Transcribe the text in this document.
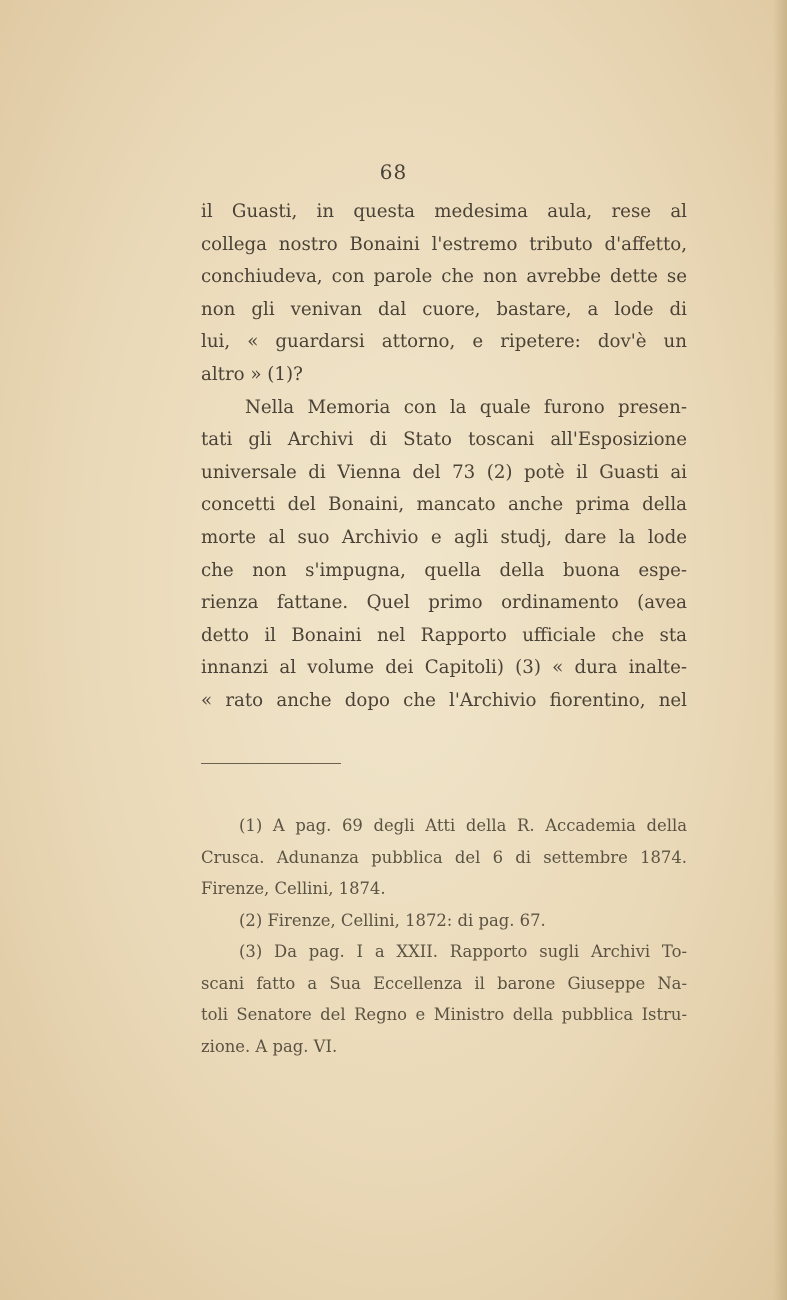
68
il Guasti, in questa medesima aula, rese al
collega nostro Bonaini l'estremo tributo d'affetto,
conchiudeva, con parole che non avrebbe dette se
non gli venivan dal cuore, bastare, a lode di
lui, « guardarsi attorno, e ripetere: dov'è un
altro » (1)?
Nella Memoria con la quale furono presen-
tati gli Archivi di Stato toscani all'Esposizione
universale di Vienna del 73 (2) potè il Guasti ai
concetti del Bonaini, mancato anche prima della
morte al suo Archivio e agli studj, dare la lode
che non s'impugna, quella della buona espe-
rienza fattane. Quel primo ordinamento (avea
detto il Bonaini nel Rapporto ufficiale che sta
innanzi al volume dei Capitoli) (3) « dura inalte-
« rato anche dopo che l'Archivio fiorentino, nel
(1) A pag. 69 degli Atti della R. Accademia della
Crusca. Adunanza pubblica del 6 di settembre 1874.
Firenze, Cellini, 1874.
(2) Firenze, Cellini, 1872: di pag. 67.
(3) Da pag. I a XXII. Rapporto sugli Archivi To-
scani fatto a Sua Eccellenza il barone Giuseppe Na-
toli Senatore del Regno e Ministro della pubblica Istru-
zione. A pag. VI.
